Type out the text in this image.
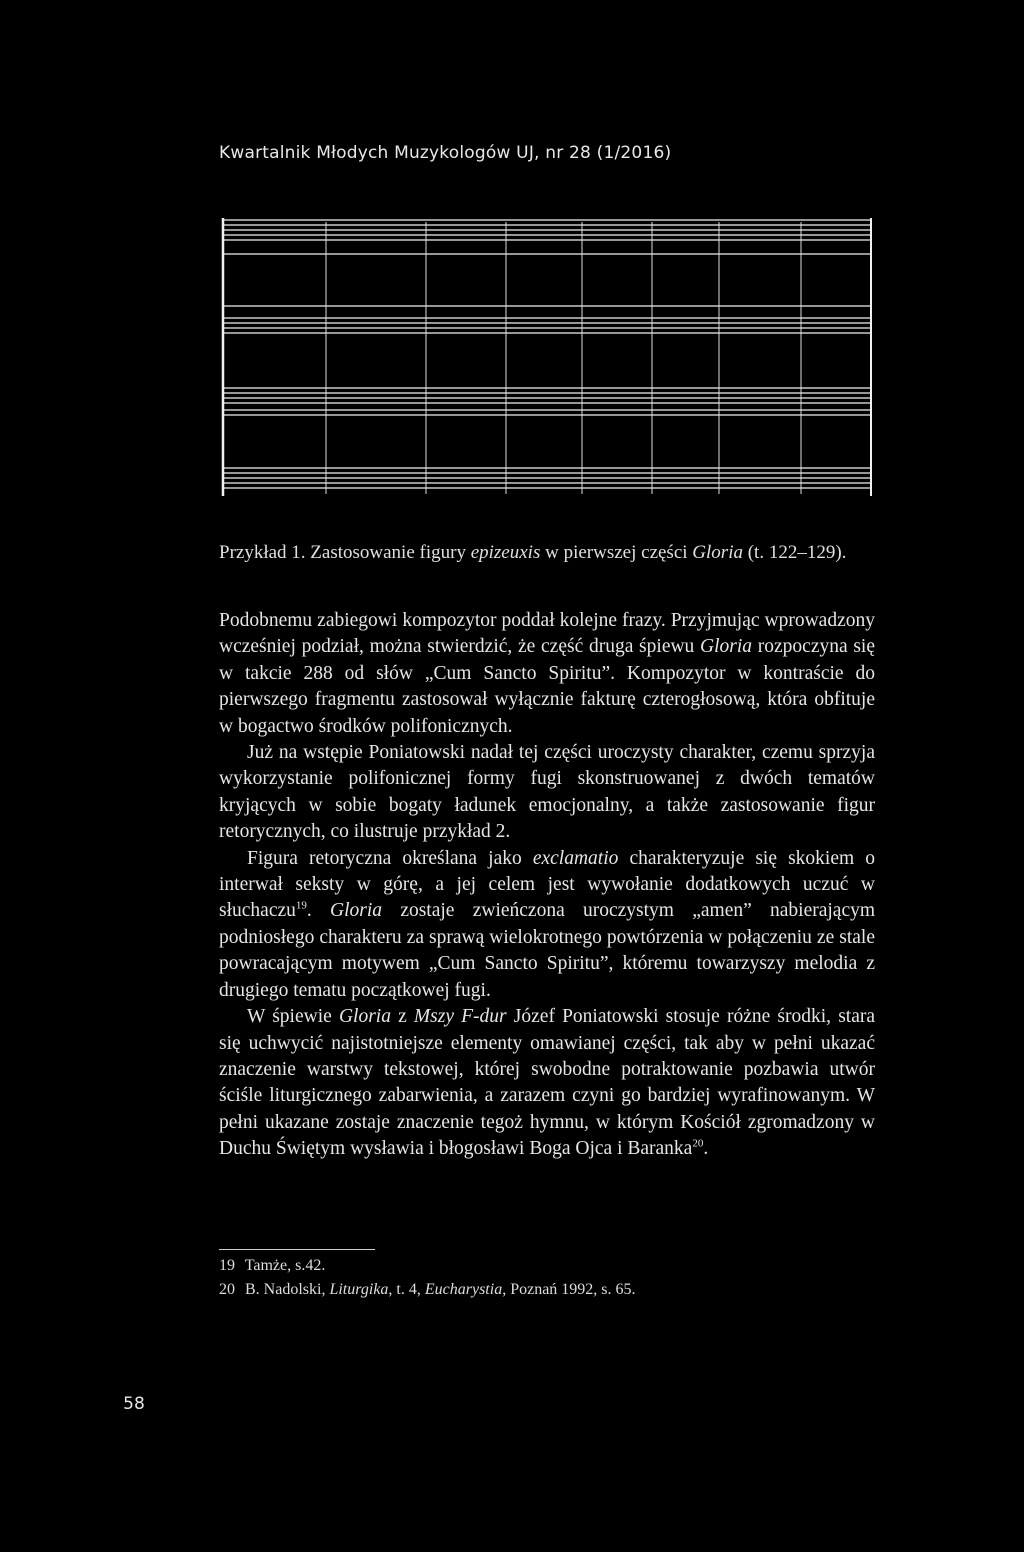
Kwartalnik Młodych Muzykologów UJ, nr 28 (1/2016)
Przykład 1. Zastosowanie figury epizeuxis w pierwszej części Gloria (t. 122–129).

Podobnemu zabiegowi kompozytor poddał kolejne frazy. Przyjmując wprowadzony wcześniej podział, można stwierdzić, że część druga śpiewu Gloria rozpoczyna się w takcie 288 od słów „Cum Sancto Spiritu”. Kompozytor w kontraście do pierwszego fragmentu zastosował wyłącznie fakturę czterogłosową, która obfituje w bogactwo środków polifonicznych.

Już na wstępie Poniatowski nadał tej części uroczysty charakter, czemu sprzyja wykorzystanie polifonicznej formy fugi skonstruowanej z dwóch tematów kryjących w sobie bogaty ładunek emocjonalny, a także zastosowanie figur retorycznych, co ilustruje przykład 2.

Figura retoryczna określana jako exclamatio charakteryzuje się skokiem o interwał seksty w górę, a jej celem jest wywołanie dodatkowych uczuć w słuchaczu$^{19}$. Gloria zostaje zwieńczona uroczystym „amen” nabierającym podniosłego charakteru za sprawą wielokrotnego powtórzenia w połączeniu ze stale powracającym motywem „Cum Sancto Spiritu”, któremu towarzyszy melodia z drugiego tematu początkowej fugi.

W śpiewie Gloria z Mszy F-dur Józef Poniatowski stosuje różne środki, stara się uchwycić najistotniejsze elementy omawianej części, tak aby w pełni ukazać znaczenie warstwy tekstowej, której swobodne potraktowanie pozbawia utwór ściśle liturgicznego zabarwienia, a zarazem czyni go bardziej wyrafinowanym. W pełni ukazane zostaje znaczenie tegoż hymnu, w którym Kościół zgromadzony w Duchu Świętym wysławia i błogosławi Boga Ojca i Baranka$^{20}$.

19 Tamże, s.42.
20 B. Nadolski, Liturgika, t. 4, Eucharystia, Poznań 1992, s. 65.
58
